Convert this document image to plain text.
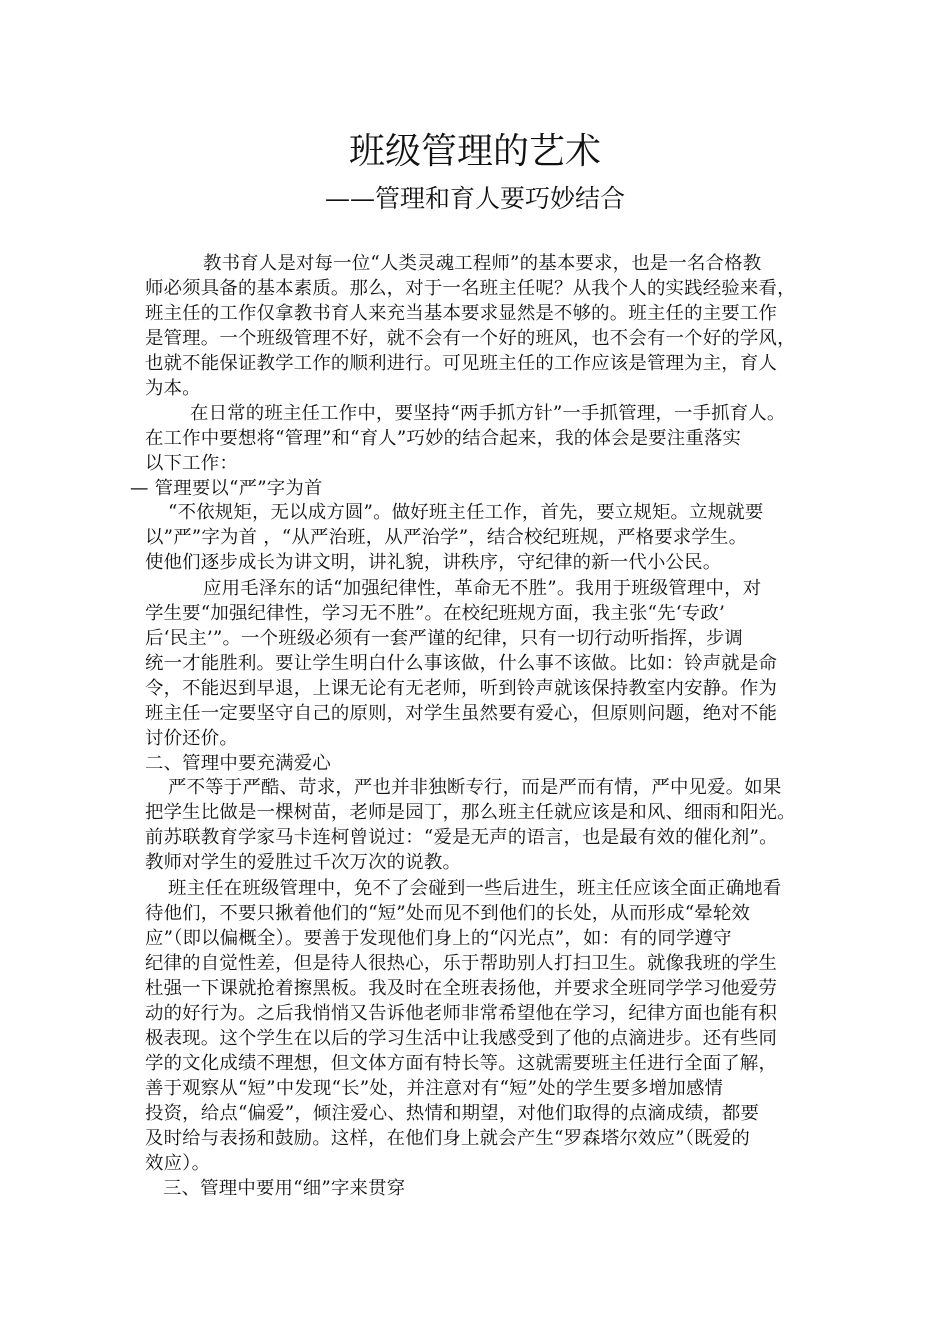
班级管理的艺术
——管理和育人要巧妙结合
教书育人是对每一位“人类灵魂工程师”的基本要求，也是一名合格教
师必须具备的基本素质。那么，对于一名班主任呢？从我个人的实践经验来看，
班主任的工作仅拿教书育人来充当基本要求显然是不够的。班主任的主要工作
是管理。一个班级管理不好，就不会有一个好的班风，也不会有一个好的学风，
也就不能保证教学工作的顺利进行。可见班主任的工作应该是管理为主，育人
为本。
在日常的班主任工作中，要坚持“两手抓方针”一手抓管理，一手抓育人。
在工作中要想将“管理”和“育人”巧妙的结合起来，我的体会是要注重落实
以下工作：
— 管理要以“严”字为首
“不依规矩，无以成方圆”。做好班主任工作，首先，要立规矩。立规就要
以”严”字为首 ，“从严治班，从严治学”，结合校纪班规，严格要求学生。
使他们逐步成长为讲文明，讲礼貌，讲秩序，守纪律的新一代小公民。
应用毛泽东的话“加强纪律性，革命无不胜”。我用于班级管理中，对
学生要“加强纪律性，学习无不胜”。在校纪班规方面，我主张“先‘专政’
后‘民主’”。一个班级必须有一套严谨的纪律，只有一切行动听指挥，步调
统一才能胜利。要让学生明白什么事该做，什么事不该做。比如：铃声就是命
令，不能迟到早退，上课无论有无老师，听到铃声就该保持教室内安静。作为
班主任一定要坚守自己的原则，对学生虽然要有爱心，但原则问题，绝对不能
讨价还价。
二、管理中要充满爱心
严不等于严酷、苛求，严也并非独断专行，而是严而有情，严中见爱。如果
把学生比做是一棵树苗，老师是园丁，那么班主任就应该是和风、细雨和阳光。
前苏联教育学家马卡连柯曾说过：“爱是无声的语言，也是最有效的催化剂”。
教师对学生的爱胜过千次万次的说教。
班主任在班级管理中，免不了会碰到一些后进生，班主任应该全面正确地看
待他们，不要只揪着他们的“短”处而见不到他们的长处，从而形成“晕轮效
应”（即以偏概全）。要善于发现他们身上的“闪光点”，如：有的同学遵守
纪律的自觉性差，但是待人很热心，乐于帮助别人打扫卫生。就像我班的学生
杜强一下课就抢着擦黑板。我及时在全班表扬他，并要求全班同学学习他爱劳
动的好行为。之后我悄悄又告诉他老师非常希望他在学习，纪律方面也能有积
极表现。这个学生在以后的学习生活中让我感受到了他的点滴进步。还有些同
学的文化成绩不理想，但文体方面有特长等。这就需要班主任进行全面了解，
善于观察从“短”中发现“长”处，并注意对有“短”处的学生要多增加感情
投资，给点“偏爱”，倾注爱心、热情和期望，对他们取得的点滴成绩，都要
及时给与表扬和鼓励。这样，在他们身上就会产生“罗森塔尔效应”（既爱的
效应）。
三、管理中要用“细”字来贯穿
